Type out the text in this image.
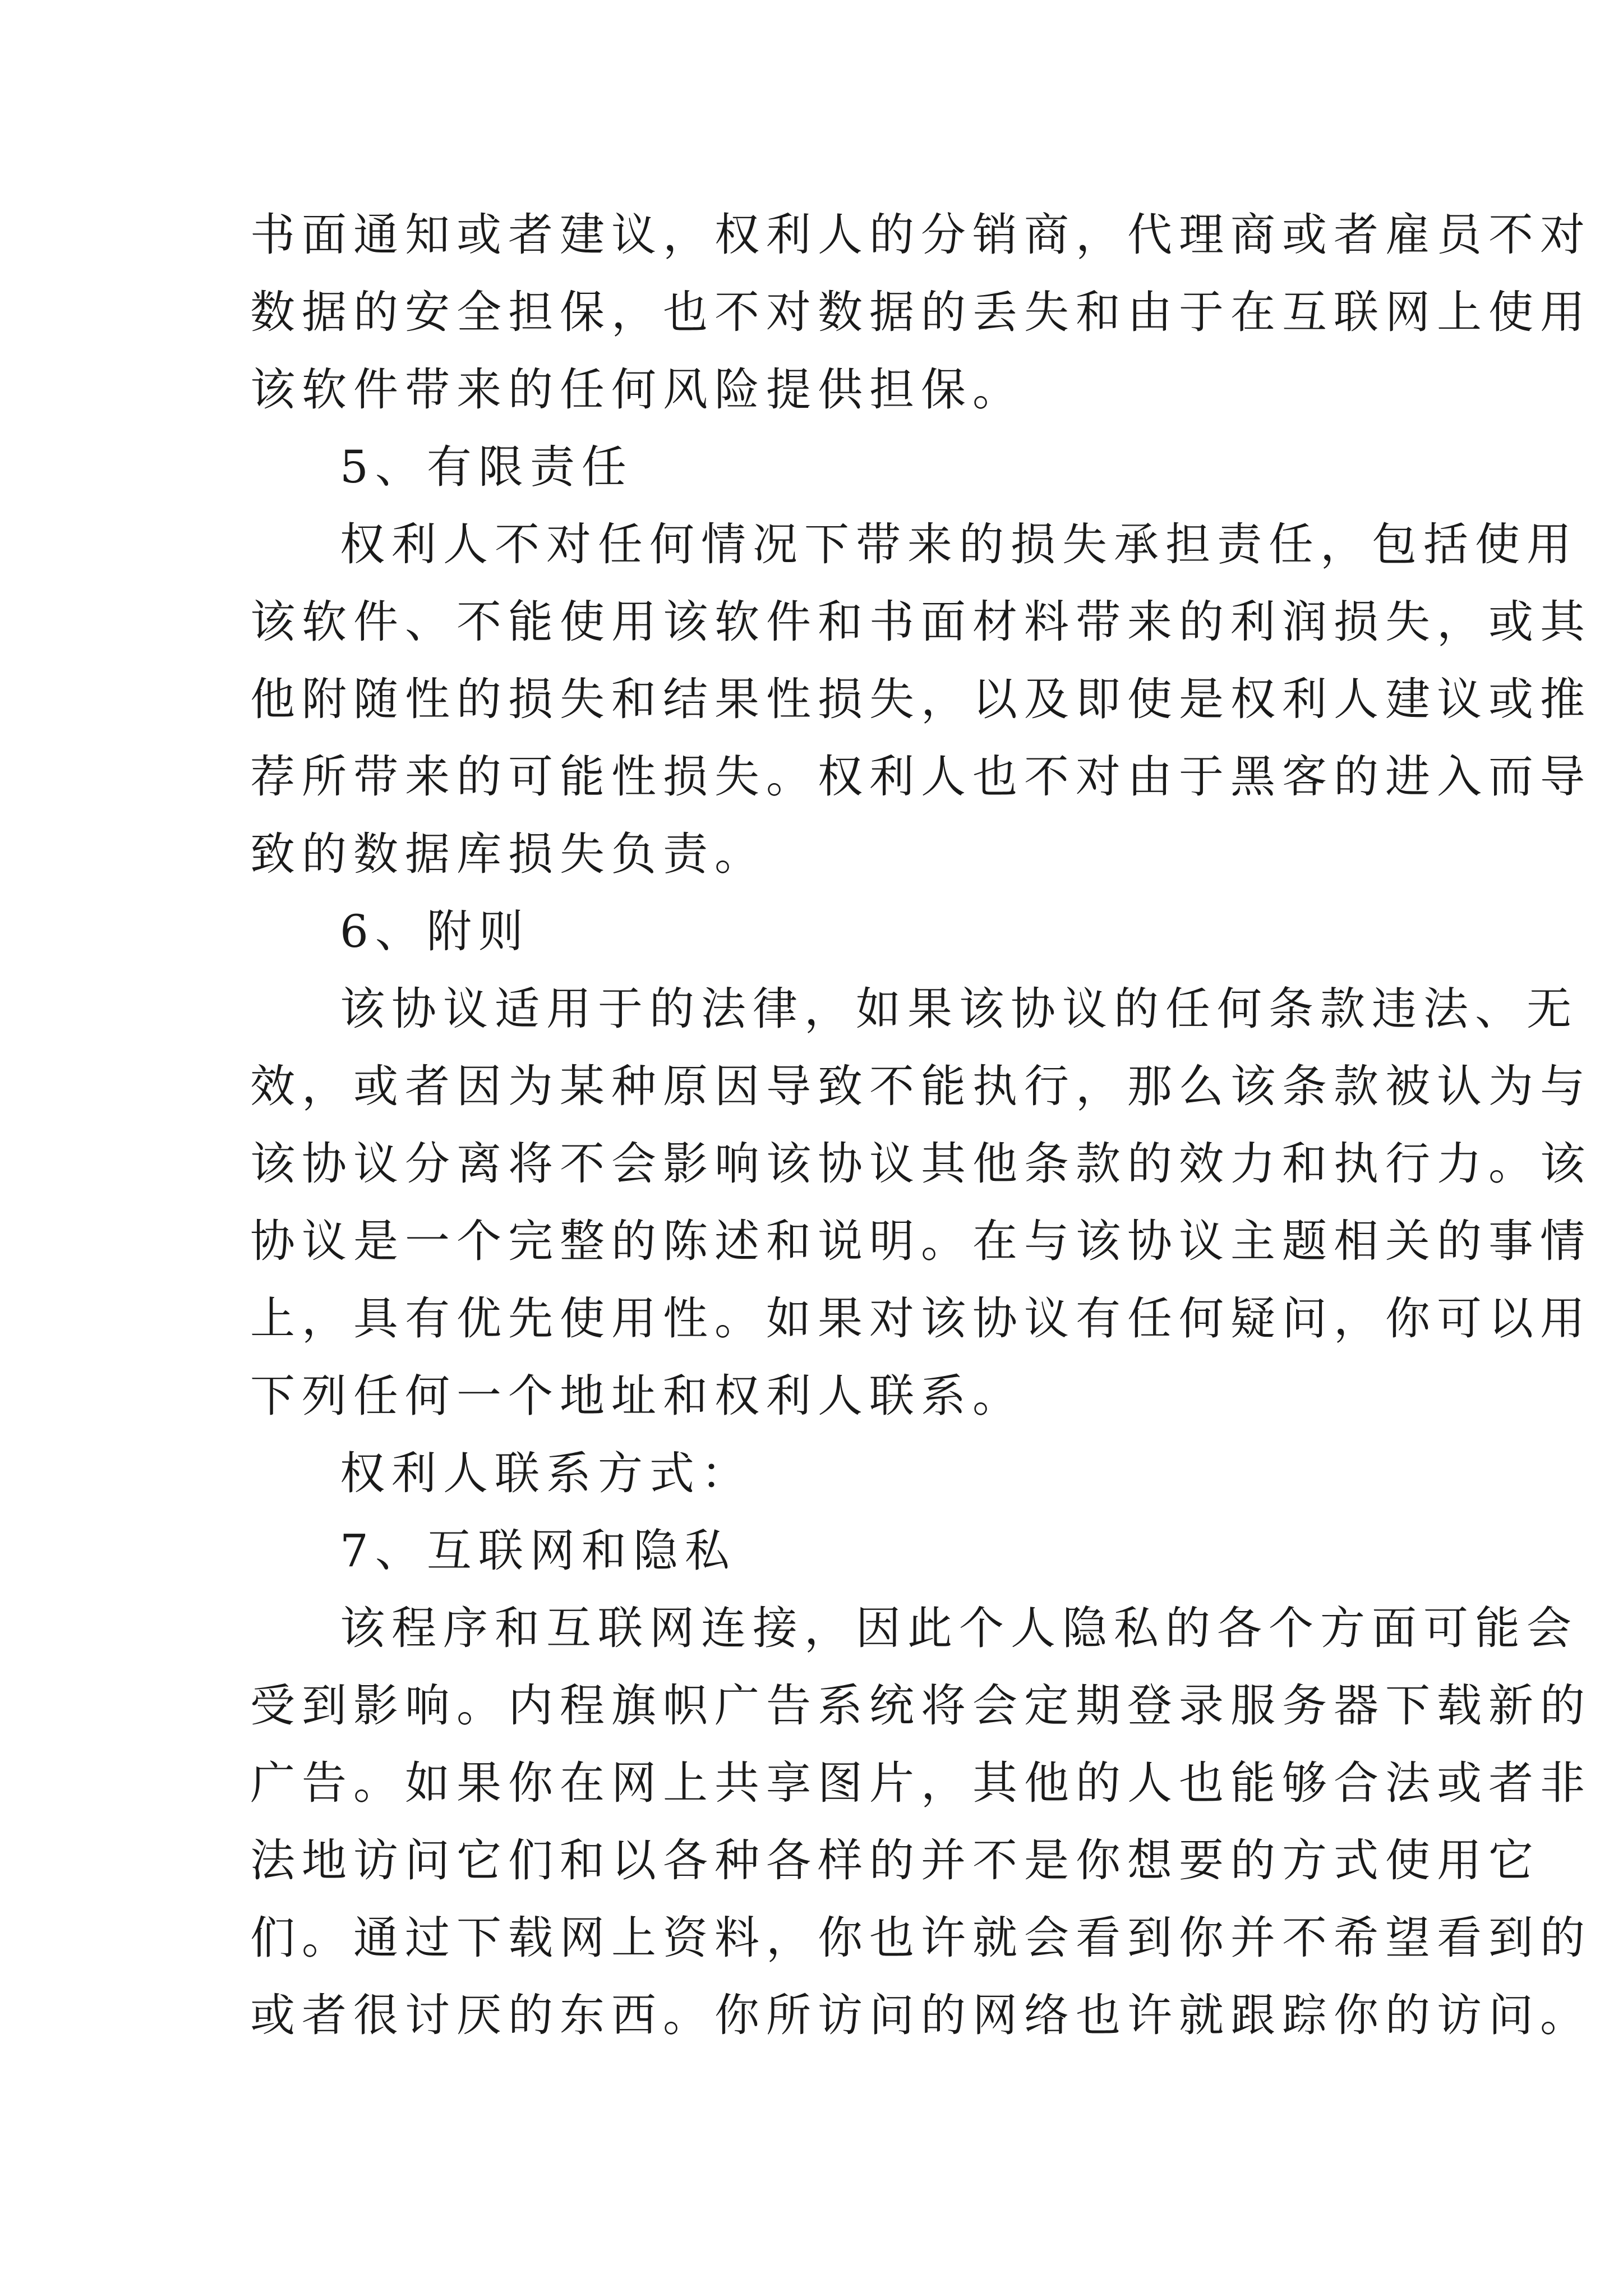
书面通知或者建议，权利人的分销商，代理商或者雇员不对
数据的安全担保，也不对数据的丢失和由于在互联网上使用
该软件带来的任何风险提供担保。
5、有限责任
权利人不对任何情况下带来的损失承担责任，包括使用
该软件、不能使用该软件和书面材料带来的利润损失，或其
他附随性的损失和结果性损失，以及即使是权利人建议或推
荐所带来的可能性损失。权利人也不对由于黑客的进入而导
致的数据库损失负责。
6、附则
该协议适用于的法律，如果该协议的任何条款违法、无
效，或者因为某种原因导致不能执行，那么该条款被认为与
该协议分离将不会影响该协议其他条款的效力和执行力。该
协议是一个完整的陈述和说明。在与该协议主题相关的事情
上，具有优先使用性。如果对该协议有任何疑问，你可以用
下列任何一个地址和权利人联系。
权利人联系方式：
7、互联网和隐私
该程序和互联网连接，因此个人隐私的各个方面可能会
受到影响。内程旗帜广告系统将会定期登录服务器下载新的
广告。如果你在网上共享图片，其他的人也能够合法或者非
法地访问它们和以各种各样的并不是你想要的方式使用它
们。通过下载网上资料，你也许就会看到你并不希望看到的
或者很讨厌的东西。你所访问的网络也许就跟踪你的访问。
